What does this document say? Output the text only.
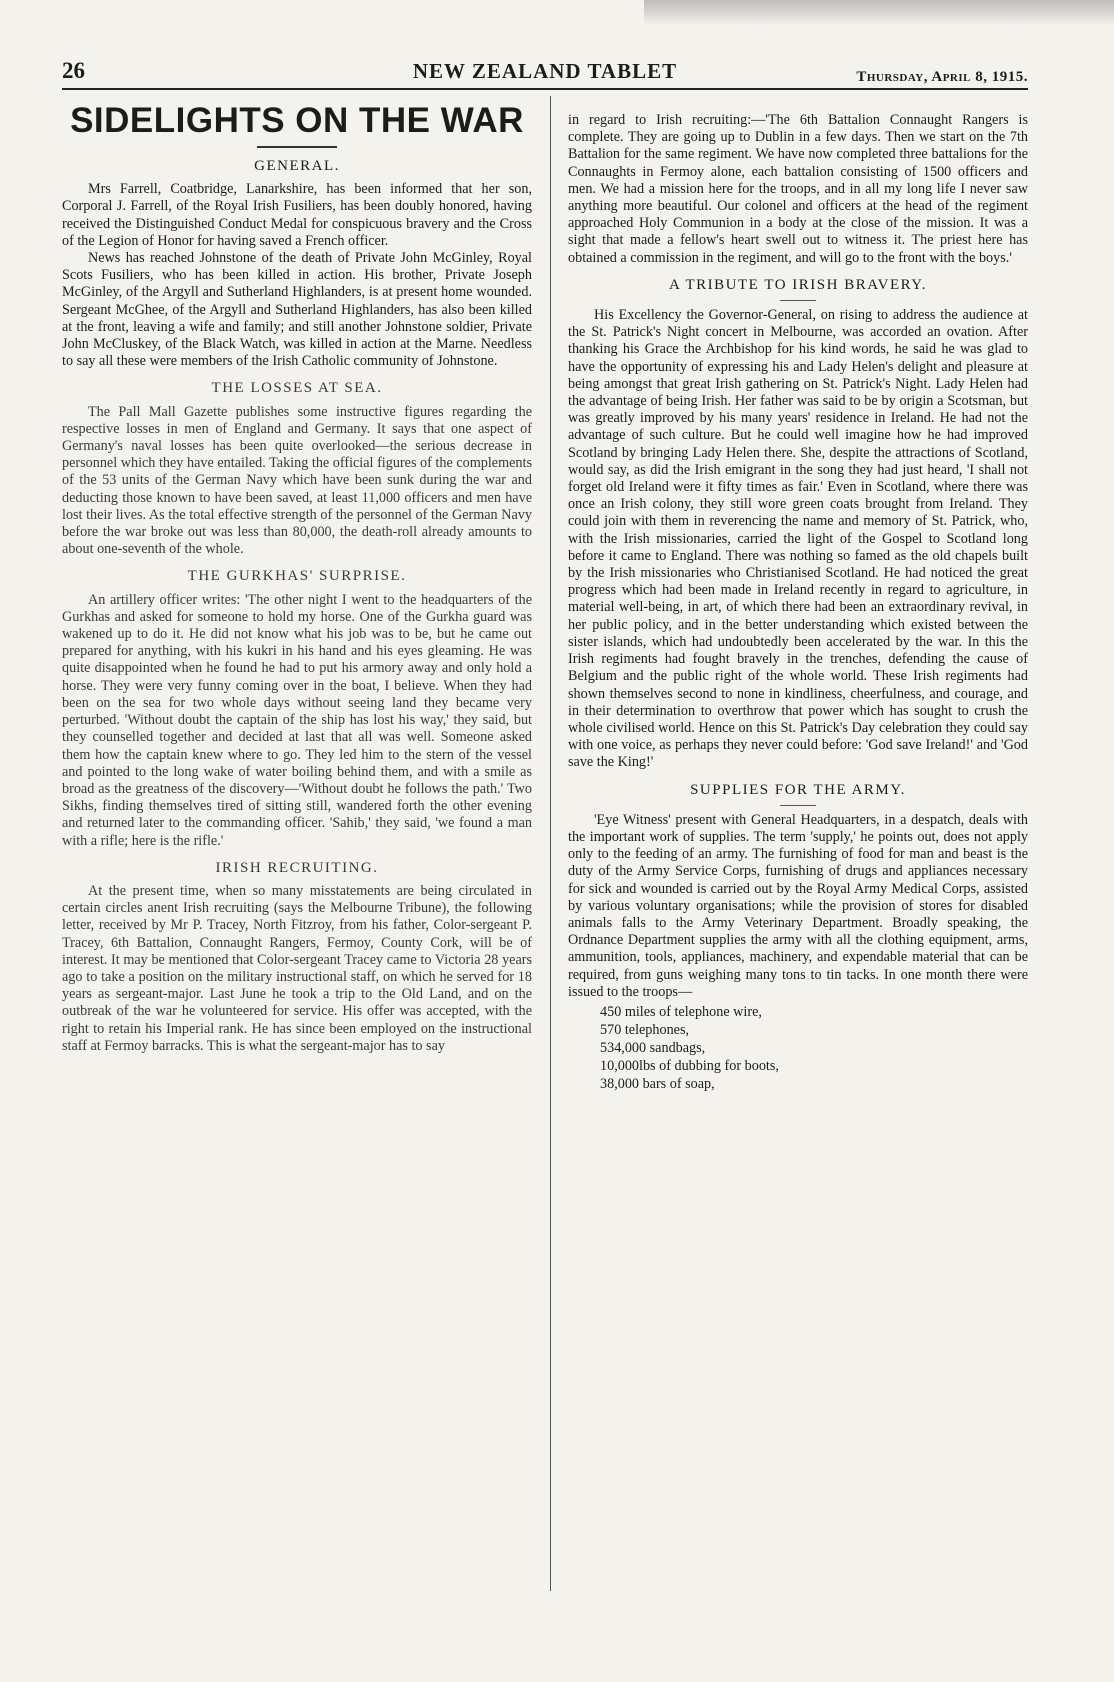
26	NEW ZEALAND TABLET	Thursday, April 8, 1915.
SIDELIGHTS ON THE WAR
GENERAL.

Mrs Farrell, Coatbridge, Lanarkshire, has been informed that her son, Corporal J. Farrell, of the Royal Irish Fusiliers, has been doubly honored, having received the Distinguished Conduct Medal for conspicuous bravery and the Cross of the Legion of Honor for having saved a French officer.

News has reached Johnstone of the death of Private John McGinley, Royal Scots Fusiliers, who has been killed in action. His brother, Private Joseph McGinley, of the Argyll and Sutherland Highlanders, is at present home wounded. Sergeant McGhee, of the Argyll and Sutherland Highlanders, has also been killed at the front, leaving a wife and family; and still another Johnstone soldier, Private John McCluskey, of the Black Watch, was killed in action at the Marne. Needless to say all these were members of the Irish Catholic community of Johnstone.

THE LOSSES AT SEA.

The Pall Mall Gazette publishes some instructive figures regarding the respective losses in men of England and Germany. It says that one aspect of Germany's naval losses has been quite overlooked—the serious decrease in personnel which they have entailed. Taking the official figures of the complements of the 53 units of the German Navy which have been sunk during the war and deducting those known to have been saved, at least 11,000 officers and men have lost their lives. As the total effective strength of the personnel of the German Navy before the war broke out was less than 80,000, the death-roll already amounts to about one-seventh of the whole.

THE GURKHAS' SURPRISE.

An artillery officer writes: 'The other night I went to the headquarters of the Gurkhas and asked for someone to hold my horse. One of the Gurkha guard was wakened up to do it. He did not know what his job was to be, but he came out prepared for anything, with his kukri in his hand and his eyes gleaming. He was quite disappointed when he found he had to put his armory away and only hold a horse. They were very funny coming over in the boat, I believe. When they had been on the sea for two whole days without seeing land they became very perturbed. 'Without doubt the captain of the ship has lost his way,' they said, but they counselled together and decided at last that all was well. Someone asked them how the captain knew where to go. They led him to the stern of the vessel and pointed to the long wake of water boiling behind them, and with a smile as broad as the greatness of the discovery—'Without doubt he follows the path.' Two Sikhs, finding themselves tired of sitting still, wandered forth the other evening and returned later to the commanding officer. 'Sahib,' they said, 'we found a man with a rifle; here is the rifle.'

IRISH RECRUITING.

At the present time, when so many misstatements are being circulated in certain circles anent Irish recruiting (says the Melbourne Tribune), the following letter, received by Mr P. Tracey, North Fitzroy, from his father, Color-sergeant P. Tracey, 6th Battalion, Connaught Rangers, Fermoy, County Cork, will be of interest. It may be mentioned that Color-sergeant Tracey came to Victoria 28 years ago to take a position on the military instructional staff, on which he served for 18 years as sergeant-major. Last June he took a trip to the Old Land, and on the outbreak of the war he volunteered for service. His offer was accepted, with the right to retain his Imperial rank. He has since been employed on the instructional staff at Fermoy barracks. This is what the sergeant-major has to say

in regard to Irish recruiting:—'The 6th Battalion Connaught Rangers is complete. They are going up to Dublin in a few days. Then we start on the 7th Battalion for the same regiment. We have now completed three battalions for the Connaughts in Fermoy alone, each battalion consisting of 1500 officers and men. We had a mission here for the troops, and in all my long life I never saw anything more beautiful. Our colonel and officers at the head of the regiment approached Holy Communion in a body at the close of the mission. It was a sight that made a fellow's heart swell out to witness it. The priest here has obtained a commission in the regiment, and will go to the front with the boys.'

A TRIBUTE TO IRISH BRAVERY.

His Excellency the Governor-General, on rising to address the audience at the St. Patrick's Night concert in Melbourne, was accorded an ovation. After thanking his Grace the Archbishop for his kind words, he said he was glad to have the opportunity of expressing his and Lady Helen's delight and pleasure at being amongst that great Irish gathering on St. Patrick's Night. Lady Helen had the advantage of being Irish. Her father was said to be by origin a Scotsman, but was greatly improved by his many years' residence in Ireland. He had not the advantage of such culture. But he could well imagine how he had improved Scotland by bringing Lady Helen there. She, despite the attractions of Scotland, would say, as did the Irish emigrant in the song they had just heard, 'I shall not forget old Ireland were it fifty times as fair.' Even in Scotland, where there was once an Irish colony, they still wore green coats brought from Ireland. They could join with them in reverencing the name and memory of St. Patrick, who, with the Irish missionaries, carried the light of the Gospel to Scotland long before it came to England. There was nothing so famed as the old chapels built by the Irish missionaries who Christianised Scotland. He had noticed the great progress which had been made in Ireland recently in regard to agriculture, in material well-being, in art, of which there had been an extraordinary revival, in her public policy, and in the better understanding which existed between the sister islands, which had undoubtedly been accelerated by the war. In this the Irish regiments had fought bravely in the trenches, defending the cause of Belgium and the public right of the whole world. These Irish regiments had shown themselves second to none in kindliness, cheerfulness, and courage, and in their determination to overthrow that power which has sought to crush the whole civilised world. Hence on this St. Patrick's Day celebration they could say with one voice, as perhaps they never could before: 'God save Ireland!' and 'God save the King!'

SUPPLIES FOR THE ARMY.

'Eye Witness' present with General Headquarters, in a despatch, deals with the important work of supplies. The term 'supply,' he points out, does not apply only to the feeding of an army. The furnishing of food for man and beast is the duty of the Army Service Corps, furnishing of drugs and appliances necessary for sick and wounded is carried out by the Royal Army Medical Corps, assisted by various voluntary organisations; while the provision of stores for disabled animals falls to the Army Veterinary Department. Broadly speaking, the Ordnance Department supplies the army with all the clothing equipment, arms, ammunition, tools, appliances, machinery, and expendable material that can be required, from guns weighing many tons to tin tacks. In one month there were issued to the troops—

450 miles of telephone wire,
570 telephones,
534,000 sandbags,
10,000lbs of dubbing for boots,
38,000 bars of soap,
